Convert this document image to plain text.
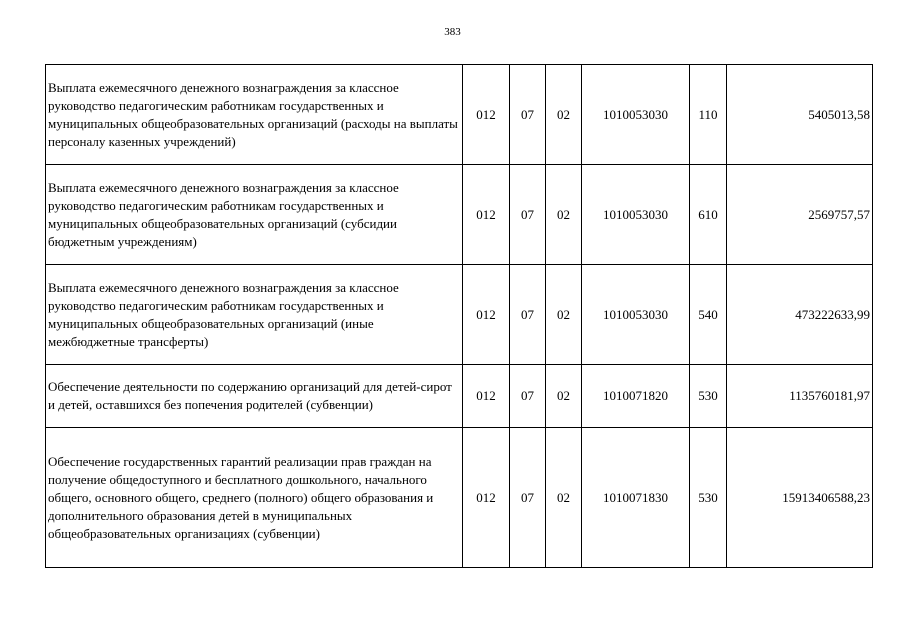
383
Выплата ежемесячного денежного вознаграждения за классное руководство педагогическим работникам государственных и муниципальных общеобразовательных организаций (расходы на выплаты персоналу казенных учреждений)	012	07	02	1010053030	110	5405013,58
Выплата ежемесячного денежного вознаграждения за классное руководство педагогическим работникам государственных и муниципальных общеобразовательных организаций (субсидии бюджетным учреждениям)	012	07	02	1010053030	610	2569757,57
Выплата ежемесячного денежного вознаграждения за классное руководство педагогическим работникам государственных и муниципальных общеобразовательных организаций (иные межбюджетные трансферты)	012	07	02	1010053030	540	473222633,99
Обеспечение деятельности по содержанию организаций для детей-сирот и детей, оставшихся без попечения родителей (субвенции)	012	07	02	1010071820	530	1135760181,97
Обеспечение государственных гарантий реализации прав граждан на получение общедоступного и бесплатного дошкольного, начального общего, основного общего, среднего (полного) общего образования и дополнительного образования детей в муниципальных общеобразовательных организациях (субвенции)	012	07	02	1010071830	530	15913406588,23
